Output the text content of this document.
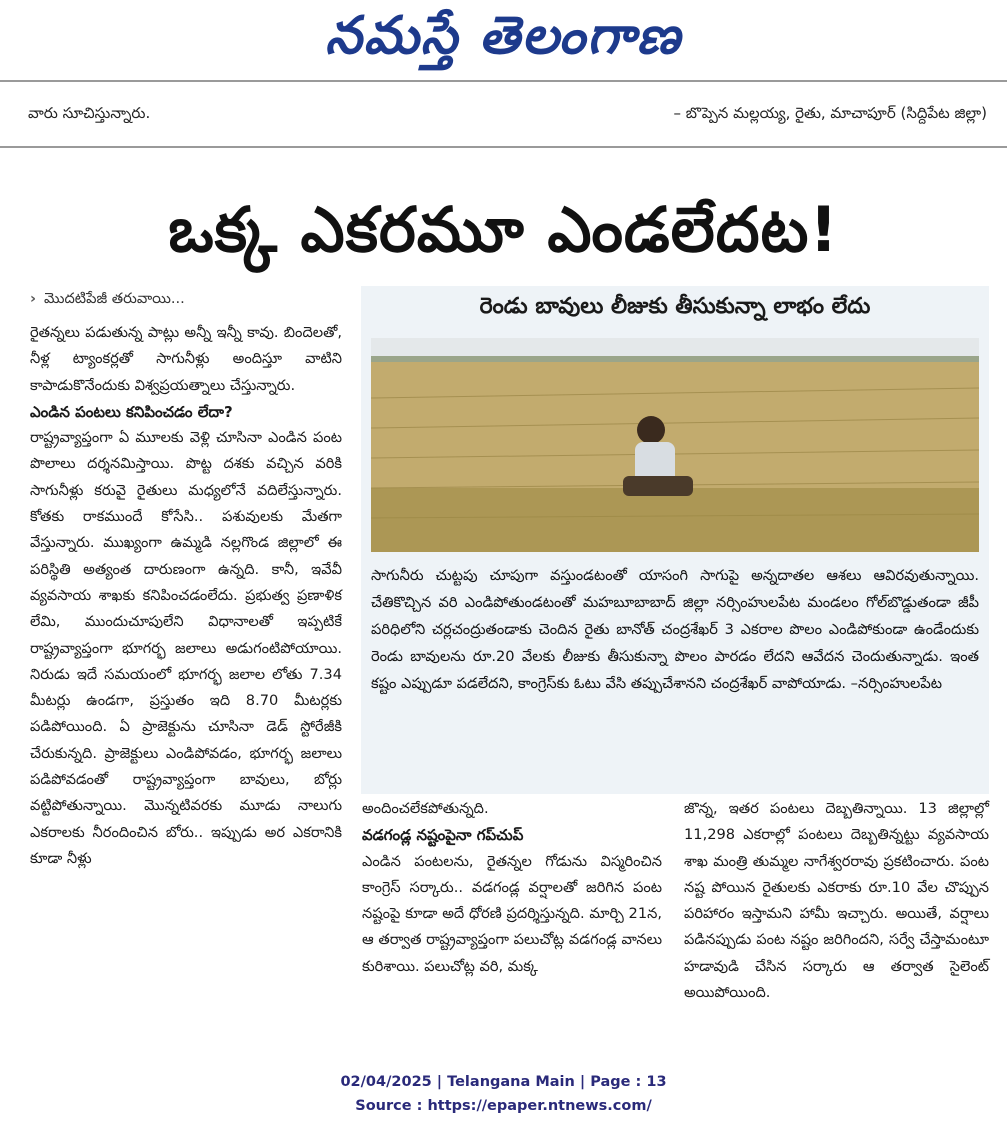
నమస్తే తెలంగాణ
వారు సూచిస్తున్నారు.	– బొప్పెన మల్లయ్య, రైతు, మాచాపూర్‌ (సిద్దిపేట జిల్లా)
ఒక్క ఎకరమూ ఎండలేదట!
› మొదటిపేజీ తరువాయి...

రైతన్నలు పడుతున్న పాట్లు అన్నీ ఇన్నీ కావు. బిందెలతో, నీళ్ల ట్యాంకర్లతో సాగునీళ్లు అందిస్తూ వాటిని కాపాడుకొనేందుకు విశ్వప్రయత్నాలు చేస్తున్నారు.

ఎండిన పంటలు కనిపించడం లేదా?

రాష్ట్రవ్యాప్తంగా ఏ మూలకు వెళ్లి చూసినా ఎండిన పంట పొలాలు దర్శనమిస్తాయి. పొట్ట దశకు వచ్చిన వరికి సాగునీళ్లు కరువై రైతులు మధ్యలోనే వదిలేస్తున్నారు. కోతకు రాకముందే కోసేసి.. పశువులకు మేతగా వేస్తున్నారు. ముఖ్యంగా ఉమ్మడి నల్లగొండ జిల్లాలో ఈ పరిస్థితి అత్యంత దారుణంగా ఉన్నది. కానీ, ఇవేవీ వ్యవసాయ శాఖకు కనిపించడంలేదు. ప్రభుత్వ ప్రణాళిక లేమి, ముందుచూపులేని విధానాలతో ఇప్పటికే రాష్ట్రవ్యాప్తంగా భూగర్భ జలాలు అడుగంటిపోయాయి. నిరుడు ఇదే సమయంలో భూగర్భ జలాల లోతు 7.34 మీటర్లు ఉండగా, ప్రస్తుతం ఇది 8.70 మీటర్లకు పడిపోయింది. ఏ ప్రాజెక్టును చూసినా డెడ్‌ స్టోరేజీకి చేరుకున్నది. ప్రాజెక్టులు ఎండిపోవడం, భూగర్భ జలాలు పడిపోవడంతో రాష్ట్రవ్యాప్తంగా బావులు, బోర్లు వట్టిపోతున్నాయి. మొన్నటివరకు మూడు నాలుగు ఎకరాలకు నీరందించిన బోరు.. ఇప్పుడు అర ఎకరానికి కూడా నీళ్లు

రెండు బావులు లీజుకు తీసుకున్నా లాభం లేదు
సాగునీరు చుట్టపు చూపుగా వస్తుండటంతో యాసంగి సాగుపై అన్నదాతల ఆశలు ఆవిరవుతున్నాయి. చేతికొచ్చిన వరి ఎండిపోతుండటంతో మహబూబాబాద్‌ జిల్లా నర్సింహులపేట మండలం గోల్‌బొడ్డుతండా జీపీ పరిధిలోని చర్లచంద్రుతండాకు చెందిన రైతు బానోత్‌ చంద్రశేఖర్‌ 3 ఎకరాల పొలం ఎండిపోకుండా ఉండేందుకు రెండు బావులను రూ.20 వేలకు లీజుకు తీసుకున్నా పొలం పారడం లేదని ఆవేదన చెందుతున్నాడు. ఇంత కష్టం ఎప్పుడూ పడలేదని, కాంగ్రెస్‌కు ఓటు వేసి తప్పుచేశానని చంద్రశేఖర్‌ వాపోయాడు. –నర్సింహులపేట

అందించలేకపోతున్నది.

వడగండ్ల నష్టంపైనా గప్‌చుప్‌

ఎండిన పంటలను, రైతన్నల గోడును విస్మరించిన కాంగ్రెస్‌ సర్కారు.. వడగండ్ల వర్షాలతో జరిగిన పంట నష్టంపై కూడా అదే ధోరణి ప్రదర్శిస్తున్నది. మార్చి 21న, ఆ తర్వాత రాష్ట్రవ్యాప్తంగా పలుచోట్ల వడగండ్ల వానలు కురిశాయి. పలుచోట్ల వరి, మక్క

జొన్న, ఇతర పంటలు దెబ్బతిన్నాయి. 13 జిల్లాల్లో 11,298 ఎకరాల్లో పంటలు దెబ్బతిన్నట్టు వ్యవసాయ శాఖ మంత్రి తుమ్మల నాగేశ్వరరావు ప్రకటించారు. పంట నష్ట పోయిన రైతులకు ఎకరాకు రూ.10 వేల చొప్పున పరిహారం ఇస్తామని హామీ ఇచ్చారు. అయితే, వర్షాలు పడినప్పుడు పంట నష్టం జరిగిందని, సర్వే చేస్తామంటూ హడావుడి చేసిన సర్కారు ఆ తర్వాత సైలెంట్‌ అయిపోయింది.

02/04/2025 | Telangana Main | Page : 13
Source : https://epaper.ntnews.com/
